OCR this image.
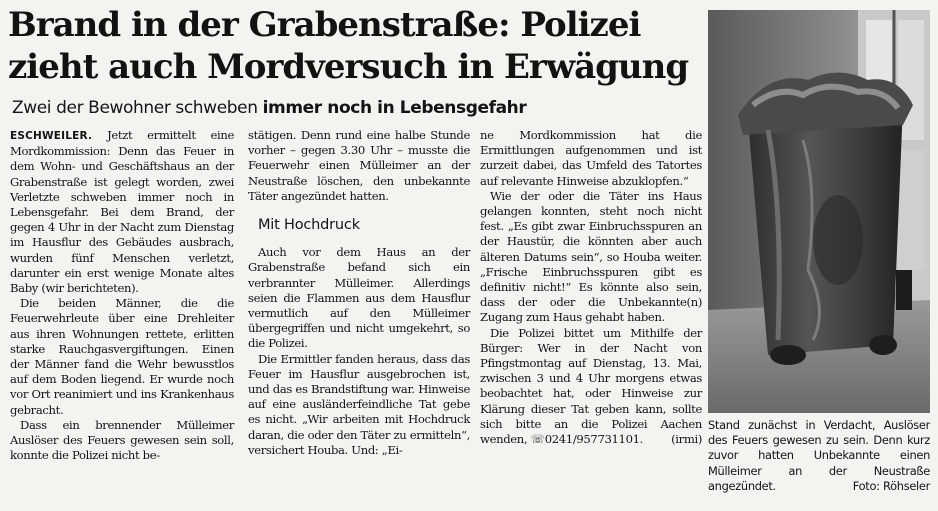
Brand in der Grabenstraße: Polizei
zieht auch Mordversuch in Erwägung
Zwei der Bewohner schweben immer noch in Lebensgefahr

ESCHWEILER. Jetzt ermittelt eine Mordkommission: Denn das Feuer in dem Wohn- und Geschäftshaus an der Grabenstraße ist gelegt worden, zwei Verletzte schweben immer noch in Lebensgefahr. Bei dem Brand, der gegen 4 Uhr in der Nacht zum Dienstag im Hausflur des Gebäudes ausbrach, wurden fünf Menschen verletzt, darunter ein erst wenige Monate altes Baby (wir berichteten).

Die beiden Männer, die die Feuerwehrleute über eine Drehleiter aus ihren Wohnungen rettete, erlitten starke Rauchgasvergiftungen. Einen der Männer fand die Wehr bewusstlos auf dem Boden liegend. Er wurde noch vor Ort reanimiert und ins Krankenhaus gebracht.

Dass ein brennender Mülleimer Auslöser des Feuers gewesen sein soll, konnte die Polizei nicht be-

stätigen. Denn rund eine halbe Stunde vorher – gegen 3.30 Uhr – musste die Feuerwehr einen Mülleimer an der Neustraße löschen, den unbekannte Täter angezündet hatten.

Mit Hochdruck

Auch vor dem Haus an der Grabenstraße befand sich ein verbrannter Mülleimer. Allerdings seien die Flammen aus dem Hausflur vermutlich auf den Mülleimer übergegriffen und nicht umgekehrt, so die Polizei.

Die Ermittler fanden heraus, dass das Feuer im Hausflur ausgebrochen ist, und das es Brandstiftung war. Hinweise auf eine ausländerfeindliche Tat gebe es nicht. „Wir arbeiten mit Hochdruck daran, die oder den Täter zu ermitteln“, versichert Houba. Und: „Ei-

ne Mordkommission hat die Ermittlungen aufgenommen und ist zurzeit dabei, das Umfeld des Tatortes auf relevante Hinweise abzuklopfen.“

Wie der oder die Täter ins Haus gelangen konnten, steht noch nicht fest. „Es gibt zwar Einbruchsspuren an der Haustür, die könnten aber auch älteren Datums sein“, so Houba weiter. „Frische Einbruchsspuren gibt es definitiv nicht!“ Es könnte also sein, dass der oder die Unbekannte(n) Zugang zum Haus gehabt haben.

Die Polizei bittet um Mithilfe der Bürger: Wer in der Nacht von Pfingstmontag auf Dienstag, 13. Mai, zwischen 3 und 4 Uhr morgens etwas beobachtet hat, oder Hinweise zur Klärung dieser Tat geben kann, sollte sich bitte an die Polizei Aachen wenden, ☏0241/957731101.	(irmi)

Stand zunächst in Verdacht, Auslöser des Feuers gewesen zu sein. Denn kurz zuvor hatten Unbekannte einen Mülleimer an der Neustraße angezündet.	Foto: Röhseler
